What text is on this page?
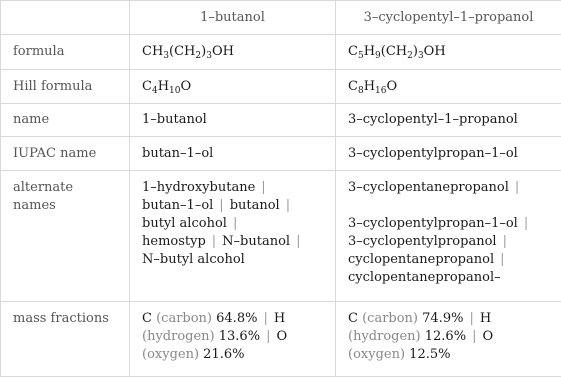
	1–butanol	3–cyclopentyl–1–propanol
formula	$CH_3(CH_2)_3OH$	$C_5H_9(CH_2)_3OH$
Hill formula	$C_4H_{10}O$	$C_8H_{16}O$
name	1–butanol	3–cyclopentyl–1–propanol
IUPAC name	butan–1–ol	3–cyclopentylpropan–1–ol
alternate names	1–hydroxybutane |
butan–1–ol | butanol |
butyl alcohol |
hemostyp | N–butanol |
N–butyl alcohol	3–cyclopentanepropanol |

3–cyclopentylpropan–1–ol |
3–cyclopentylpropanol |
cyclopentanepropanol |
cyclopentanepropanol–

mass fractions	C (carbon) 64.8% | H
(hydrogen) 13.6% | O
(oxygen) 21.6%	C (carbon) 74.9% | H
(hydrogen) 12.6% | O
(oxygen) 12.5%
